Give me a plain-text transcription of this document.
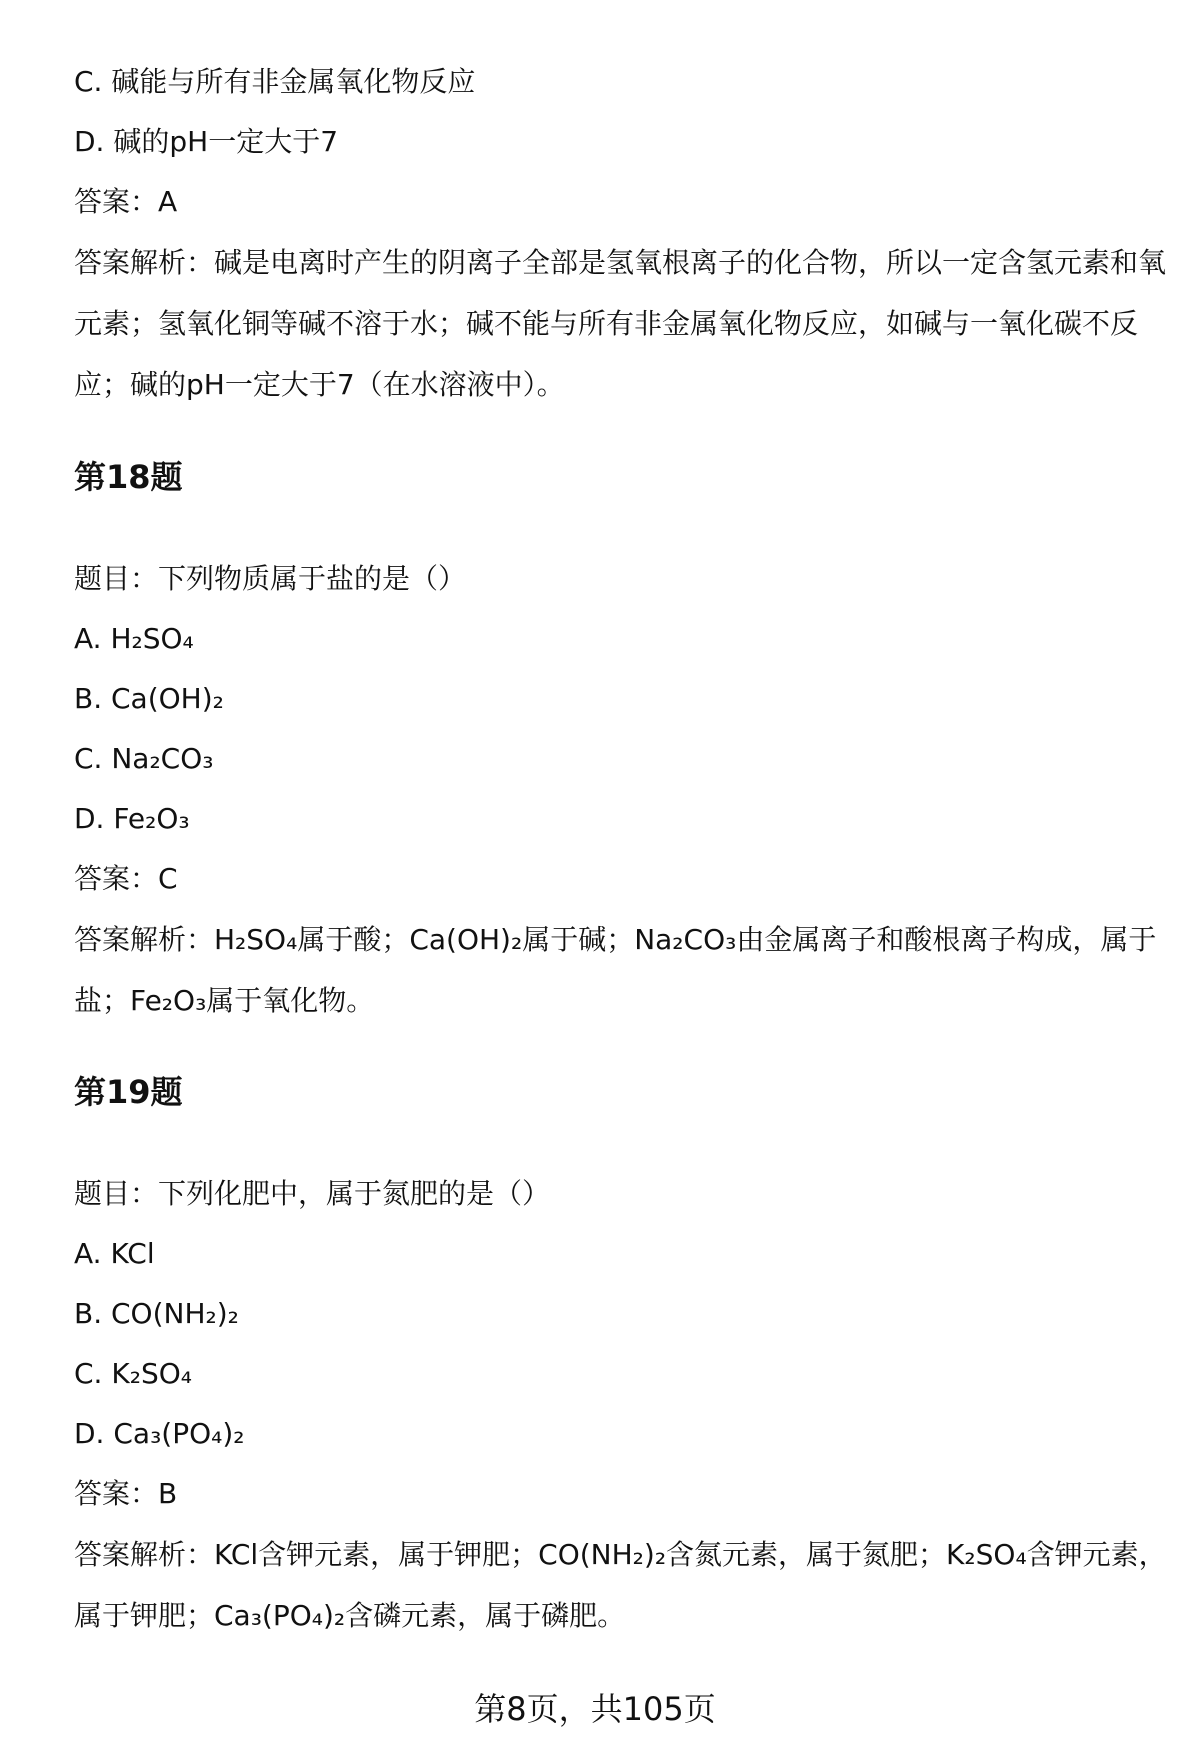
C. 碱能与所有非金属氧化物反应

D. 碱的pH一定大于7

答案：A

答案解析：碱是电离时产生的阴离子全部是氢氧根离子的化合物，所以一定含氢元素和氧元素；氢氧化铜等碱不溶于水；碱不能与所有非金属氧化物反应，如碱与一氧化碳不反应；碱的pH一定大于7（在水溶液中）。

第18题

题目：下列物质属于盐的是（）

A. H₂SO₄

B. Ca(OH)₂

C. Na₂CO₃

D. Fe₂O₃

答案：C

答案解析：H₂SO₄属于酸；Ca(OH)₂属于碱；Na₂CO₃由金属离子和酸根离子构成，属于盐；Fe₂O₃属于氧化物。

第19题

题目：下列化肥中，属于氮肥的是（）

A. KCl

B. CO(NH₂)₂

C. K₂SO₄

D. Ca₃(PO₄)₂

答案：B

答案解析：KCl含钾元素，属于钾肥；CO(NH₂)₂含氮元素，属于氮肥；K₂SO₄含钾元素，属于钾肥；Ca₃(PO₄)₂含磷元素，属于磷肥。

第8页，共105页
